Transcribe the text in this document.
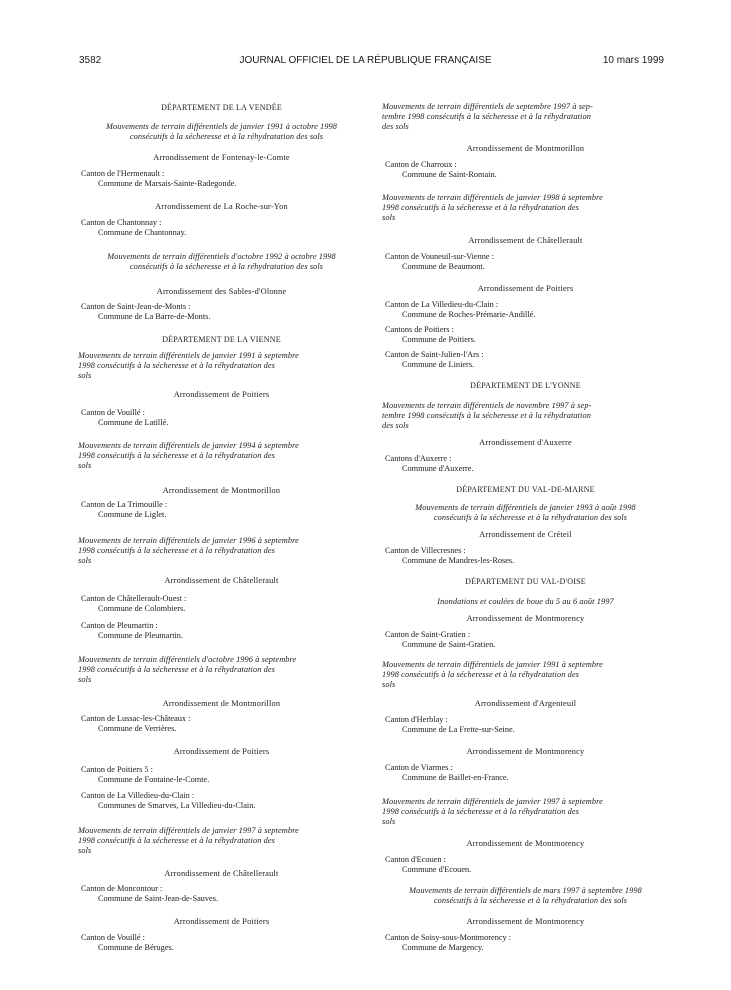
3582	JOURNAL OFFICIEL DE LA RÉPUBLIQUE FRANÇAISE	10 mars 1999
DÉPARTEMENT DE LA VENDÉE
Mouvements de terrain différentiels de janvier 1991 à octobre 1998
consécutifs à la sécheresse et à la réhydratation des sols
Arrondissement de Fontenay-le-Comte
Canton de l'Hermenault :
Commune de Marsais-Sainte-Radegonde.
Arrondissement de La Roche-sur-Yon
Canton de Chantonnay :
Commune de Chantonnay.
Mouvements de terrain différentiels d'octobre 1992 à octobre 1998
consécutifs à la sécheresse et à la réhydratation des sols
Arrondissement des Sables-d'Olonne
Canton de Saint-Jean-de-Monts :
Commune de La Barre-de-Monts.
DÉPARTEMENT DE LA VIENNE
Mouvements de terrain différentiels de janvier 1991 à septembre
1998 consécutifs à la sécheresse et à la réhydratation des
sols
Arrondissement de Poitiers
Canton de Vouillé :
Commune de Latillé.
Mouvements de terrain différentiels de janvier 1994 à septembre
1998 consécutifs à la sécheresse et à la réhydratation des
sols
Arrondissement de Montmorillon
Canton de La Trimouille :
Commune de Liglet.
Mouvements de terrain différentiels de janvier 1996 à septembre
1998 consécutifs à la sécheresse et à la réhydratation des
sols
Arrondissement de Châtellerault
Canton de Châtellerault-Ouest :
Commune de Colombiers.
Canton de Pleumartin :
Commune de Pleumartin.
Mouvements de terrain différentiels d'octobre 1996 à septembre
1998 consécutifs à la sécheresse et à la réhydratation des
sols
Arrondissement de Montmorillon
Canton de Lussac-les-Châteaux :
Commune de Verrières.
Arrondissement de Poitiers
Canton de Poitiers 5 :
Commune de Fontaine-le-Comte.
Canton de La Villedieu-du-Clain :
Communes de Smarves, La Villedieu-du-Clain.
Mouvements de terrain différentiels de janvier 1997 à septembre
1998 consécutifs à la sécheresse et à la réhydratation des
sols
Arrondissement de Châtellerault
Canton de Moncontour :
Commune de Saint-Jean-de-Sauves.
Arrondissement de Poitiers
Canton de Vouillé :
Commune de Béruges.
Mouvements de terrain différentiels de septembre 1997 à sep-
tembre 1998 consécutifs à la sécheresse et à la réhydratation
des sols
Arrondissement de Montmorillon
Canton de Charroux :
Commune de Saint-Romain.
Mouvements de terrain différentiels de janvier 1998 à septembre
1998 consécutifs à la sécheresse et à la réhydratation des
sols
Arrondissement de Châtellerault
Canton de Vouneuil-sur-Vienne :
Commune de Beaumont.
Arrondissement de Poitiers
Canton de La Villedieu-du-Clain :
Commune de Roches-Prémarie-Andillé.
Cantons de Poitiers :
Commune de Poitiers.
Canton de Saint-Julien-l'Ars :
Commune de Liniers.
DÉPARTEMENT DE L'YONNE
Mouvements de terrain différentiels de novembre 1997 à sep-
tembre 1998 consécutifs à la sécheresse et à la réhydratation
des sols
Arrondissement d'Auxerre
Cantons d'Auxerre :
Commune d'Auxerre.
DÉPARTEMENT DU VAL-DE-MARNE
Mouvements de terrain différentiels de janvier 1993 à août 1998
consécutifs à la sécheresse et à la réhydratation des sols
Arrondissement de Créteil
Canton de Villecresnes :
Commune de Mandres-les-Roses.
DÉPARTEMENT DU VAL-D'OISE
Inondations et coulées de boue du 5 au 6 août 1997
Arrondissement de Montmorency
Canton de Saint-Gratien :
Commune de Saint-Gratien.
Mouvements de terrain différentiels de janvier 1991 à septembre
1998 consécutifs à la sécheresse et à la réhydratation des
sols
Arrondissement d'Argenteuil
Canton d'Herblay :
Commune de La Frette-sur-Seine.
Arrondissement de Montmorency
Canton de Viarmes :
Commune de Baillet-en-France.
Mouvements de terrain différentiels de janvier 1997 à septembre
1998 consécutifs à la sécheresse et à la réhydratation des
sols
Arrondissement de Montmorency
Canton d'Ecouen :
Commune d'Ecouen.
Mouvements de terrain différentiels de mars 1997 à septembre 1998
consécutifs à la sécheresse et à la réhydratation des sols
Arrondissement de Montmorency
Canton de Soisy-sous-Montmorency :
Commune de Margency.
